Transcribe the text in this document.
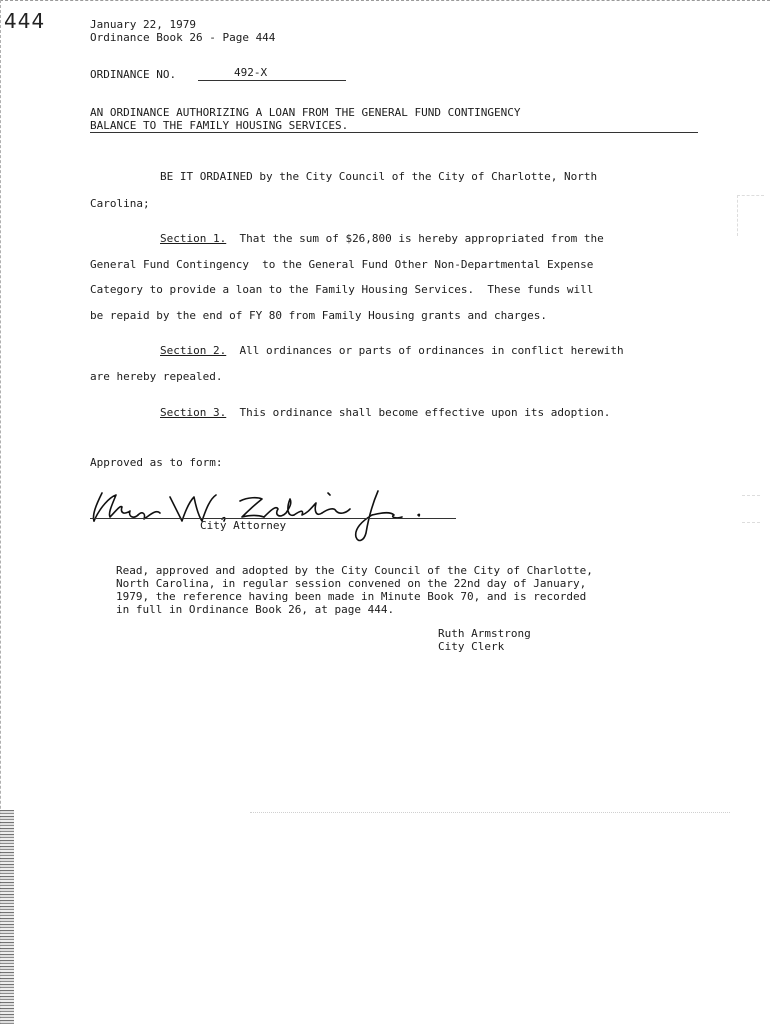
444	January 22, 1979
Ordinance Book 26 - Page 444
ORDINANCE NO.	492-X
AN ORDINANCE AUTHORIZING A LOAN FROM THE GENERAL FUND CONTINGENCY
BALANCE TO THE FAMILY HOUSING SERVICES.
BE IT ORDAINED by the City Council of the City of Charlotte, North
Carolina;
Section 1.  That the sum of $26,800 is hereby appropriated from the
General Fund Contingency  to the General Fund Other Non-Departmental Expense
Category to provide a loan to the Family Housing Services.  These funds will
be repaid by the end of FY 80 from Family Housing grants and charges.
Section 2.  All ordinances or parts of ordinances in conflict herewith
are hereby repealed.
Section 3.  This ordinance shall become effective upon its adoption.
Approved as to form:
City Attorney
Read, approved and adopted by the City Council of the City of Charlotte,
North Carolina, in regular session convened on the 22nd day of January,
1979, the reference having been made in Minute Book 70, and is recorded
in full in Ordinance Book 26, at page 444.
Ruth Armstrong
City Clerk
